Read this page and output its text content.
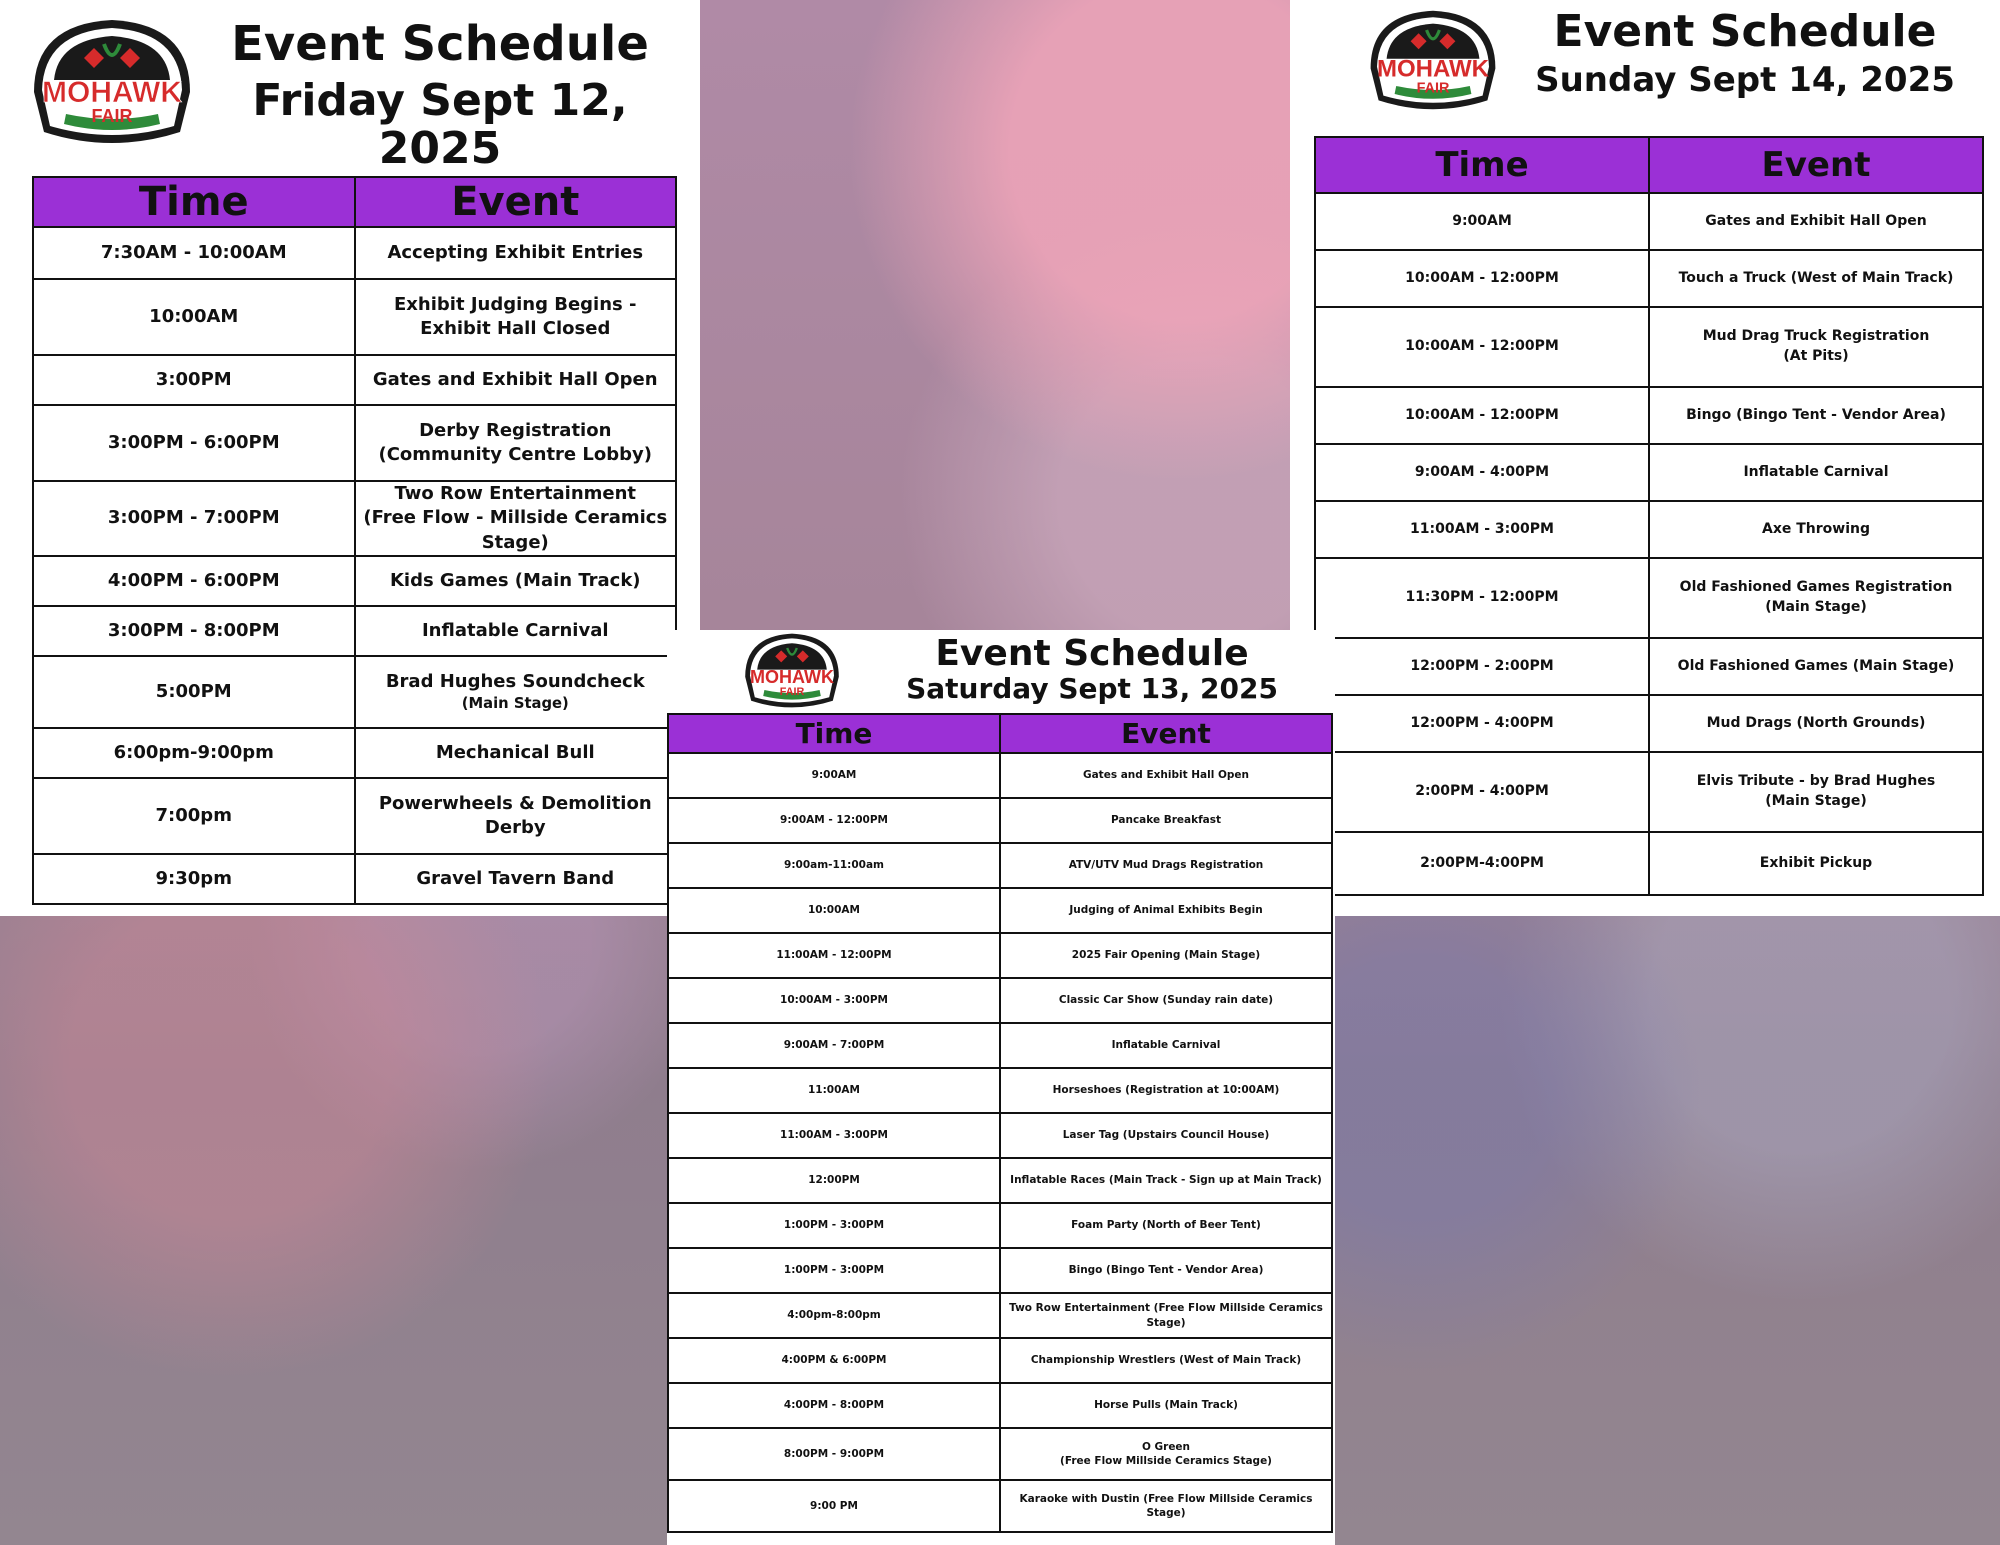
MOHAWK
FAIR
Event Schedule
Friday Sept 12, 2025
Time	Event
7:30AM - 10:00AM	Accepting Exhibit Entries
10:00AM	Exhibit Judging Begins -
Exhibit Hall Closed
3:00PM	Gates and Exhibit Hall Open
3:00PM - 6:00PM	Derby Registration
(Community Centre Lobby)
3:00PM - 7:00PM	Two Row Entertainment
(Free Flow - Millside Ceramics Stage)
4:00PM - 6:00PM	Kids Games (Main Track)
3:00PM - 8:00PM	Inflatable Carnival
5:00PM	Brad Hughes Soundcheck
(Main Stage)

6:00pm-9:00pm	Mechanical Bull
7:00pm	Powerwheels & Demolition
Derby
9:30pm	Gravel Tavern Band
MOHAWK
FAIR
Event Schedule
Sunday Sept 14, 2025
Time	Event
9:00AM	Gates and Exhibit Hall Open
10:00AM - 12:00PM	Touch a Truck (West of Main Track)
10:00AM - 12:00PM	Mud Drag Truck Registration
(At Pits)
10:00AM - 12:00PM	Bingo (Bingo Tent - Vendor Area)
9:00AM - 4:00PM	Inflatable Carnival
11:00AM - 3:00PM	Axe Throwing
11:30PM - 12:00PM	Old Fashioned Games Registration
(Main Stage)
12:00PM - 2:00PM	Old Fashioned Games (Main Stage)
12:00PM - 4:00PM	Mud Drags (North Grounds)
2:00PM - 4:00PM	Elvis Tribute - by Brad Hughes
(Main Stage)
2:00PM-4:00PM	Exhibit Pickup
MOHAWK
FAIR
Event Schedule
Saturday Sept 13, 2025
Time	Event
9:00AM	Gates and Exhibit Hall Open
9:00AM - 12:00PM	Pancake Breakfast
9:00am-11:00am	ATV/UTV Mud Drags Registration
10:00AM	Judging of Animal Exhibits Begin
11:00AM - 12:00PM	2025 Fair Opening (Main Stage)
10:00AM - 3:00PM	Classic Car Show (Sunday rain date)
9:00AM - 7:00PM	Inflatable Carnival
11:00AM	Horseshoes (Registration at 10:00AM)
11:00AM - 3:00PM	Laser Tag (Upstairs Council House)
12:00PM	Inflatable Races (Main Track - Sign up at Main Track)
1:00PM - 3:00PM	Foam Party (North of Beer Tent)
1:00PM - 3:00PM	Bingo (Bingo Tent - Vendor Area)
4:00pm-8:00pm	Two Row Entertainment (Free Flow Millside Ceramics Stage)
4:00PM & 6:00PM	Championship Wrestlers (West of Main Track)
4:00PM - 8:00PM	Horse Pulls (Main Track)
8:00PM - 9:00PM	O Green
(Free Flow Millside Ceramics Stage)
9:00 PM	Karaoke with Dustin (Free Flow Millside Ceramics Stage)
